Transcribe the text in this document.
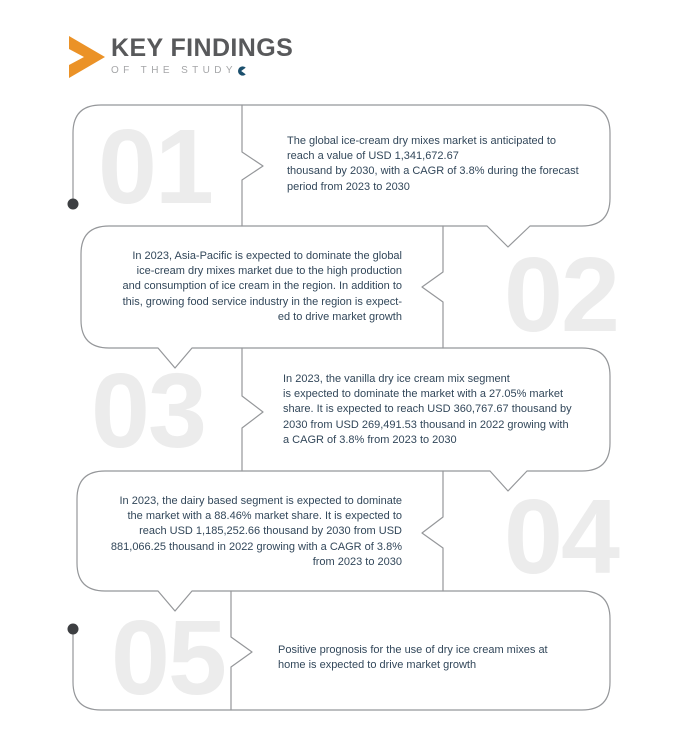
KEY FINDINGS
OF THE STUDY
01
02
03
04
05
The global ice-cream dry mixes market is anticipated to
reach a value of USD 1,341,672.67
thousand by 2030, with a CAGR of 3.8% during the forecast
period from 2023 to 2030
In 2023, Asia-Pacific is expected to dominate the global
ice-cream dry mixes market due to the high production
and consumption of ice cream in the region. In addition to
this, growing food service industry in the region is expect-
ed to drive market growth
In 2023, the vanilla dry ice cream mix segment
is expected to dominate the market with a 27.05% market
share. It is expected to reach USD 360,767.67 thousand by
2030 from USD 269,491.53 thousand in 2022 growing with
a CAGR of 3.8% from 2023 to 2030
In 2023, the dairy based segment is expected to dominate
the market with a 88.46% market share. It is expected to
reach USD 1,185,252.66 thousand by 2030 from USD
881,066.25 thousand in 2022 growing with a CAGR of 3.8%
from 2023 to 2030
Positive prognosis for the use of dry ice cream mixes at
home is expected to drive market growth
